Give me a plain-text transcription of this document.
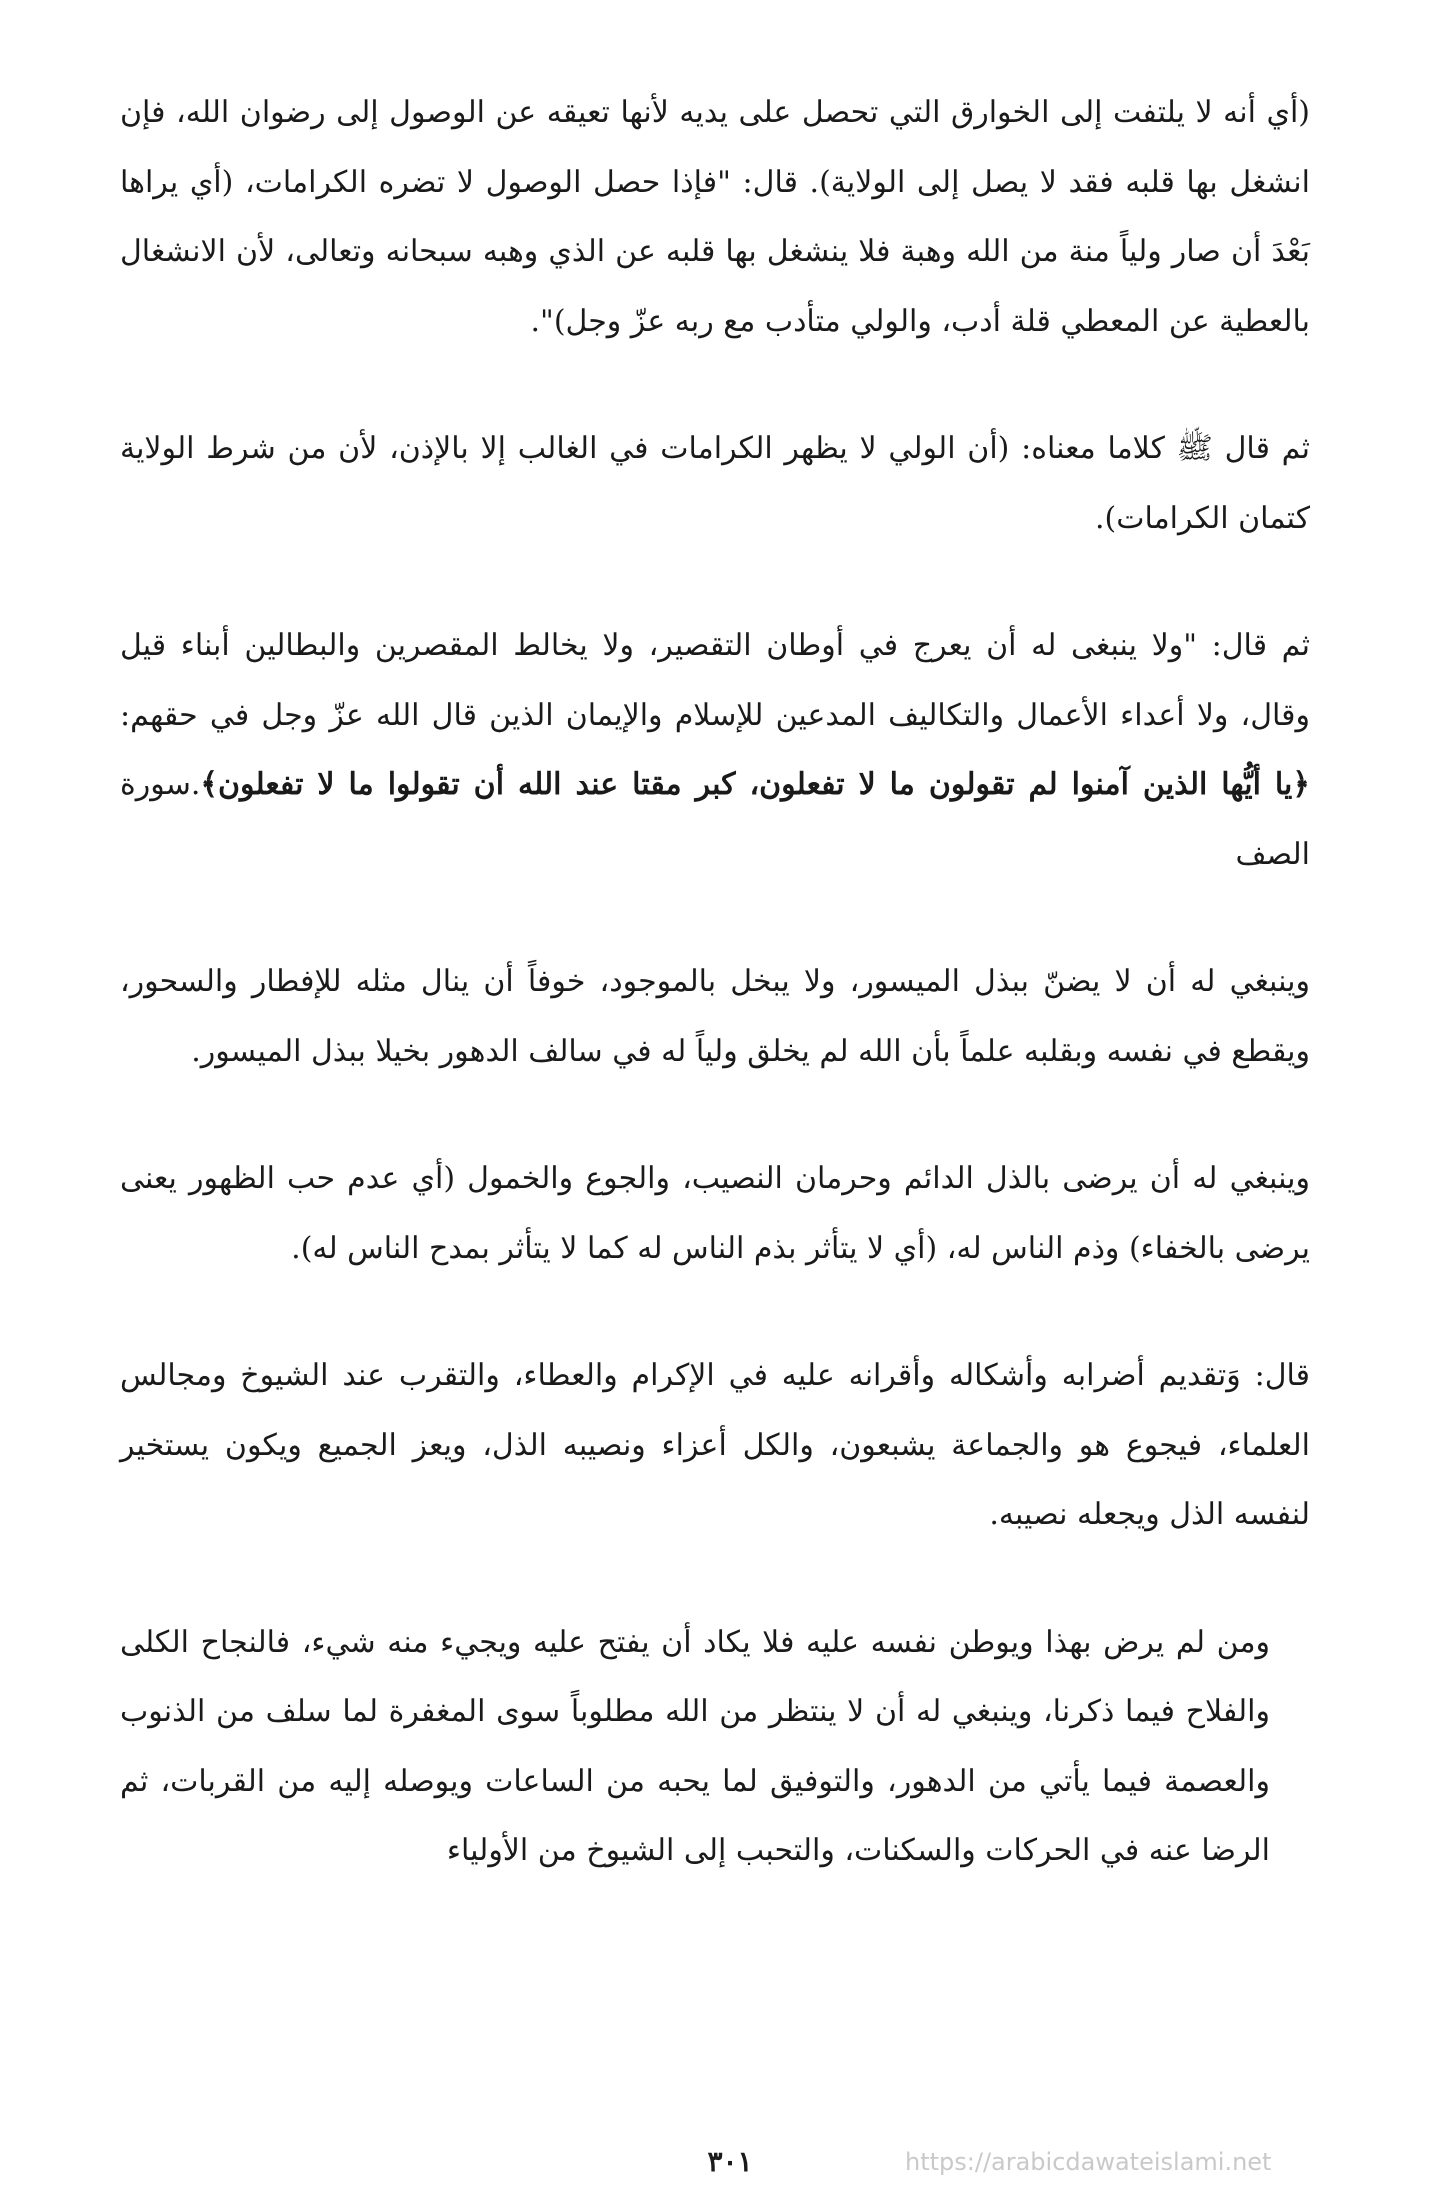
(أي أنه لا يلتفت إلى الخوارق التي تحصل على يديه لأنها تعيقه عن الوصول إلى رضوان الله، فإن انشغل بها قلبه فقد لا يصل إلى الولاية). قال: "فإذا حصل الوصول لا تضره الكرامات، (أي يراها بَعْدَ أن صار ولياً منة من الله وهبة فلا ينشغل بها قلبه عن الذي وهبه سبحانه وتعالى، لأن الانشغال بالعطية عن المعطي قلة أدب، والولي متأدب مع ربه عزّ وجل)".

ثم قال ﷺ كلاما معناه: (أن الولي لا يظهر الكرامات في الغالب إلا بالإذن، لأن من شرط الولاية كتمان الكرامات).

ثم قال: "ولا ينبغى له أن يعرج في أوطان التقصير، ولا يخالط المقصرين والبطالين أبناء قيل وقال، ولا أعداء الأعمال والتكاليف المدعين للإسلام والإيمان الذين قال الله عزّ وجل في حقهم: ﴿يا أيُّها الذين آمنوا لم تقولون ما لا تفعلون، كبر مقتا عند الله أن تقولوا ما لا تفعلون﴾.سورة الصف

وينبغي له أن لا يضنّ ببذل الميسور، ولا يبخل بالموجود، خوفاً أن ينال مثله للإفطار والسحور، ويقطع في نفسه وبقلبه علماً بأن الله لم يخلق ولياً له في سالف الدهور بخيلا ببذل الميسور.

وينبغي له أن يرضى بالذل الدائم وحرمان النصيب، والجوع والخمول (أي عدم حب الظهور يعنى يرضى بالخفاء) وذم الناس له، (أي لا يتأثر بذم الناس له كما لا يتأثر بمدح الناس له).

قال: وَتقديم أضرابه وأشكاله وأقرانه عليه في الإكرام والعطاء، والتقرب عند الشيوخ ومجالس العلماء، فيجوع هو والجماعة يشبعون، والكل أعزاء ونصيبه الذل، ويعز الجميع ويكون يستخير لنفسه الذل ويجعله نصيبه.

ومن لم يرض بهذا ويوطن نفسه عليه فلا يكاد أن يفتح عليه ويجيء منه شيء، فالنجاح الكلى والفلاح فيما ذكرنا، وينبغي له أن لا ينتظر من الله مطلوباً سوى المغفرة لما سلف من الذنوب والعصمة فيما يأتي من الدهور، والتوفيق لما يحبه من الساعات ويوصله إليه من القربات، ثم الرضا عنه في الحركات والسكنات، والتحبب إلى الشيوخ من الأولياء

٣٠١	https://arabicdawateislami.net
